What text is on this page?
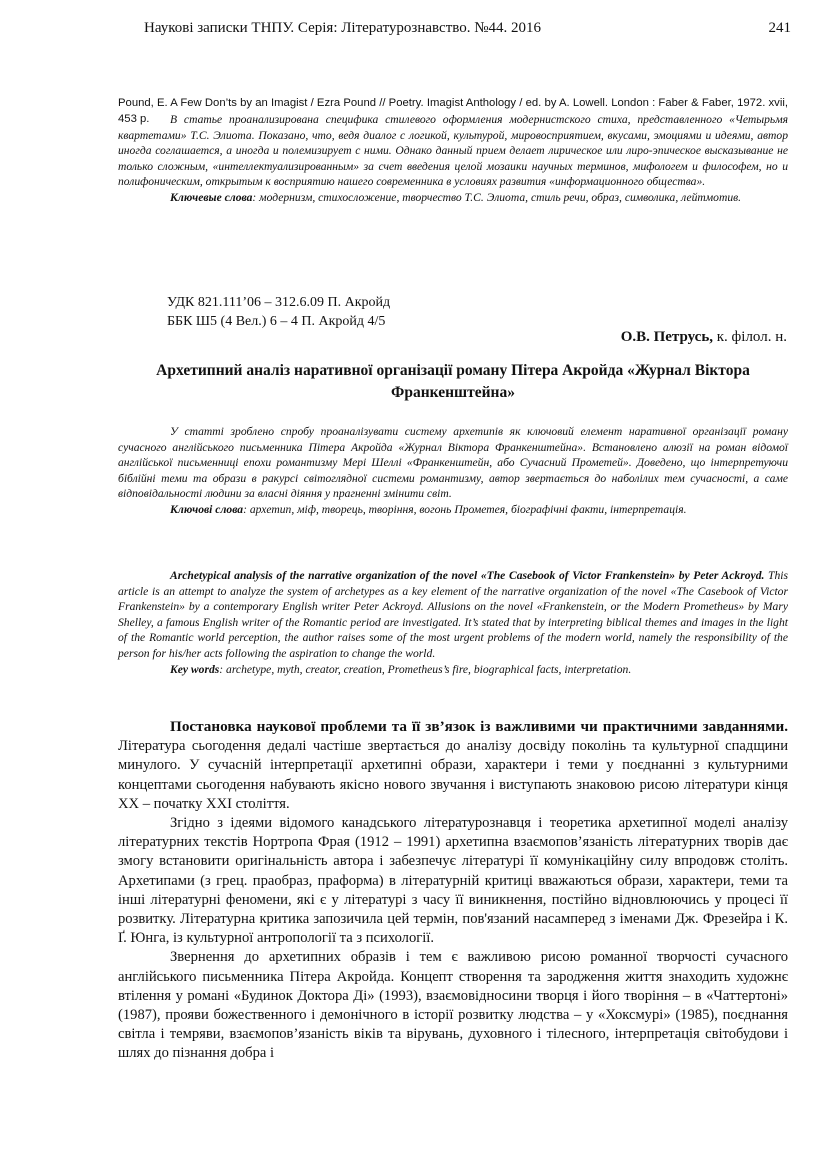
Наукові записки ТНПУ. Серія: Літературознавство. №44. 2016	241
Pound, E. A Few Don’ts by an Imagist / Ezra Pound // Poetry. Imagist Anthology / ed. by A. Lowell. London : Faber & Faber, 1972. xvii, 453 p.	В статье проанализирована специфика стилевого оформления модернистского стиха, представленного «Четырьмя квартетами» Т.С. Элиота. Показано, что, ведя диалог с логикой, культурой, мировосприятием, вкусами, эмоциями и идеями, автор иногда соглашается, а иногда и полемизирует с ними. Однако данный прием делает лирическое или лиро-эпическое высказывание не только сложным, «интеллектуализированным» за счет введения целой мозаики научных терминов, мифологем и философем, но и полифоническим, открытым к восприятию нашего современника в условиях развития «информационного общества».

Ключевые слова: модернизм, стихосложение, творчество Т.С. Элиота, стиль речи, образ, символика, лейтмотив.

УДК 821.111’06 – 312.6.09 П. Акройд
ББК Ш5 (4 Вел.) 6 – 4 П. Акройд 4/5
О.В. Петрусь, к. філол. н.
Архетипний аналіз наративної організації роману Пітера Акройда «Журнал Віктора Франкенштейна»

У статті зроблено спробу проаналізувати систему архетипів як ключовий елемент наративної організації роману сучасного англійського письменника Пітера Акройда «Журнал Віктора Франкенштейна». Встановлено алюзії на роман відомої англійської письменниці епохи романтизму Мері Шеллі «Франкенштейн, або Сучасний Прометей». Доведено, що інтерпретуючи біблійні теми та образи в ракурсі світоглядної системи романтизму, автор звертається до наболілих тем сучасності, а саме відповідальності людини за власні діяння у прагненні змінити світ.

Ключові слова: архетип, міф, творець, творіння, вогонь Прометея, біографічні факти, інтерпретація.

Archetypical analysis of the narrative organization of the novel «The Casebook of Victor Frankenstein» by Peter Ackroyd. This article is an attempt to analyze the system of archetypes as a key element of the narrative organization of the novel «The Casebook of Victor Frankenstein» by a contemporary English writer Peter Ackroyd. Allusions on the novel «Frankenstein, or the Modern Prometheus» by Mary Shelley, a famous English writer of the Romantic period are investigated. It’s stated that by interpreting biblical themes and images in the light of the Romantic world perception, the author raises some of the most urgent problems of the modern world, namely the responsibility of the person for his/her acts following the aspiration to change the world.

Key words: archetype, myth, creator, creation, Prometheus’s fire, biographical facts, interpretation.

Постановка наукової проблеми та її зв’язок із важливими чи практичними завданнями. Література сьогодення дедалі частіше звертається до аналізу досвіду поколінь та культурної спадщини минулого. У сучасній інтерпретації архетипні образи, характери і теми у поєднанні з культурними концептами сьогодення набувають якісно нового звучання і виступають знаковою рисою літератури кінця ХХ – початку ХХІ століття.

Згідно з ідеями відомого канадського літературознавця і теоретика архетипної моделі аналізу літературних текстів Нортропа Фрая (1912 – 1991) архетипна взаємопов’язаність літературних творів дає змогу встановити оригінальність автора і забезпечує літературі її комунікаційну силу впродовж століть. Архетипами (з грец. праобраз, праформа) в літературній критиці вважаються образи, характери, теми та інші літературні феномени, які є у літературі з часу її виникнення, постійно відновлюючись у процесі її розвитку. Літературна критика запозичила цей термін, пов'язаний насамперед з іменами Дж. Фрезейра і К. Ґ. Юнга, із культурної антропології та з психології.

Звернення до архетипних образів і тем є важливою рисою романної творчості сучасного англійського письменника Пітера Акройда. Концепт створення та зародження життя знаходить художнє втілення у романі «Будинок Доктора Ді» (1993), взаємовідносини творця і його творіння – в «Чаттертоні» (1987), прояви божественного і демонічного в історії розвитку людства – у «Хоксмурі» (1985), поєднання світла і темряви, взаємопов’язаність віків та вірувань, духовного і тілесного, інтерпретація світобудови і шлях до пізнання добра і
